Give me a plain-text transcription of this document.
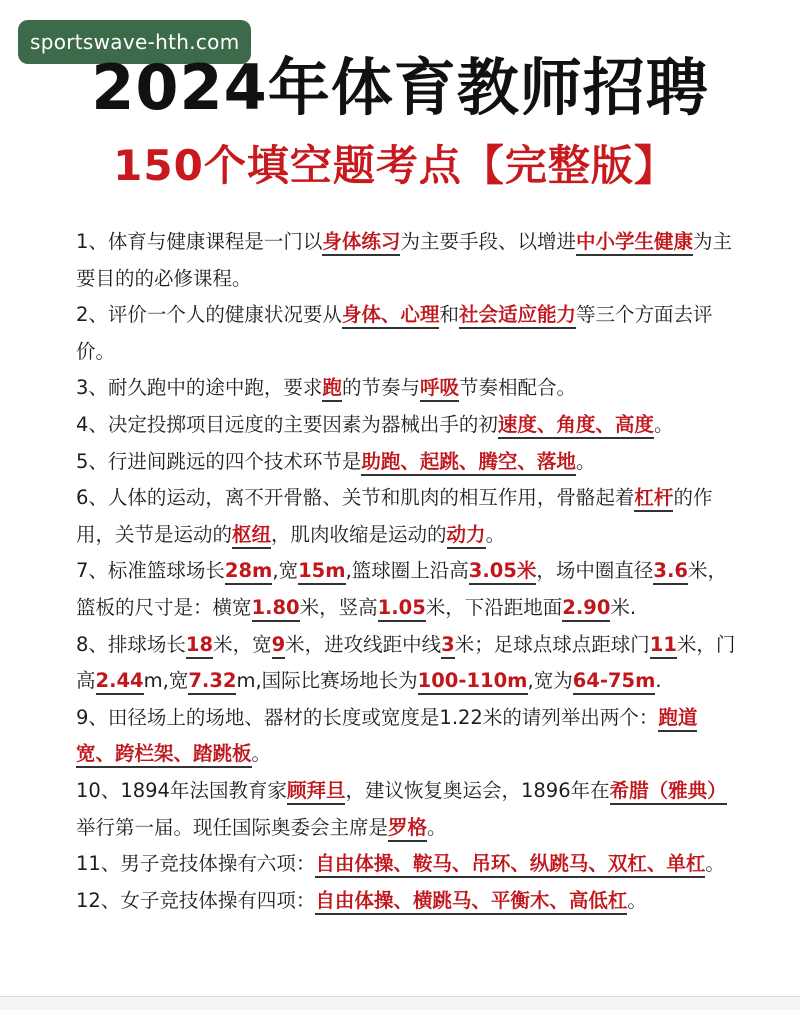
sportswave-hth.com
2024年体育教师招聘
150个填空题考点【完整版】

1、体育与健康课程是一门以身体练习为主要手段、以增进中小学生健康为主要目的的必修课程。

2、评价一个人的健康状况要从身体、心理和社会适应能力等三个方面去评价。

3、耐久跑中的途中跑，要求跑的节奏与呼吸节奏相配合。

4、决定投掷项目远度的主要因素为器械出手的初速度、角度、高度。

5、行进间跳远的四个技术环节是助跑、起跳、腾空、落地。

6、人体的运动，离不开骨骼、关节和肌肉的相互作用，骨骼起着杠杆的作用，关节是运动的枢纽，肌肉收缩是运动的动力。

7、标准篮球场长28m,宽15m,篮球圈上沿高3.05米，场中圈直径3.6米，篮板的尺寸是：横宽1.80米，竖高1.05米，下沿距地面2.90米.

8、排球场长18米，宽9米，进攻线距中线3米；足球点球点距球门11米，门高2.44m,宽7.32m,国际比赛场地长为100-110m,宽为64-75m.

9、田径场上的场地、器材的长度或宽度是1.22米的请列举出两个：跑道宽、跨栏架、踏跳板。

10、1894年法国教育家顾拜旦，建议恢复奥运会，1896年在希腊（雅典）举行第一届。现任国际奥委会主席是罗格。

11、男子竞技体操有六项：自由体操、鞍马、吊环、纵跳马、双杠、单杠。

12、女子竞技体操有四项：自由体操、横跳马、平衡木、高低杠。
